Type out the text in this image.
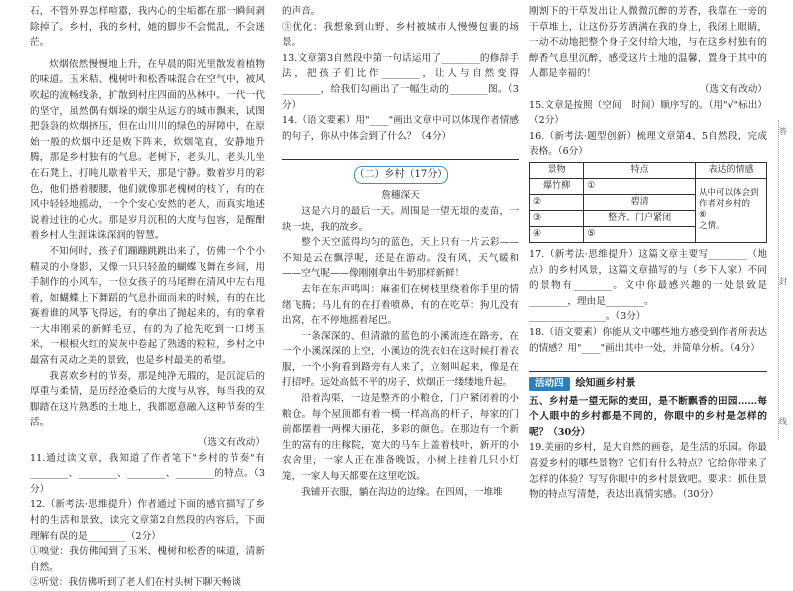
答
封
线

石，不管外界怎样喧嚣，我内心的尘垢都在那一瞬间剥除掉了。乡村，我的乡村，她的脚步不会慌乱，不会迷茫。

炊烟依然慢慢地上升，在早晨的阳光里散发着植物的味道。玉米秸、槐树叶和松香味混合在空气中，被风吹起的流畅线条，扩散到村庄四面的丛林中。一代一代的坚守，虽然偶有烟垛的烟尘从远方的城市飘来，试图把袅袅的炊烟挤压，但在山川川的绿色的屏障中，在原始一般的炊烟中还是败下阵来，炊烟笔直，安静地升腾，那是乡村独有的气息。老树下，老头儿、老头儿坐在石凳上，打盹儿歇着半天，那是宁静。数着岁月的彩色，他们搭着腰腰，他们就像那老槐树的枝丫，有的在风中轻轻地摇动，一个个安心安然的老人，而真实地述说着过往的心火。那是岁月沉积的大度与包容，是醒酣着乡村人生涯诛诛深润的智慧。

不知何时，孩子们蹦蹦跳跳出来了，仿佛一个个小精灵的小身影，又像一只只轻盈的蝴蝶飞舞在乡间，用手制作的小风车，一位女孩子的马尾辫在清风中左右甩着，如蝴蝶上下舞蹈的气息扑面而来的时候，有的在比赛着谁的风筝飞得远，有的拿出了抛起来的，有的拿着一大串刚采的新鲜毛豆，有的为了抢先吃到一口烤玉米，一根根火红的炭灰中卷起了熟透的粒粒，乡村之中最富有灵动之美的景致，也是乡村最美的希望。

我喜欢乡村的节奏，那是纯净无瑕的，是沉淀后的厚重与柔情，是历经沧桑后的大度与从容，每当我的双脚踏在这片熟悉的土地上，我都愿意融入这种节奏的生活。

（选文有改动）

11.通过读文章，我知道了作者笔下"乡村的节奏"有________、________、________、________的特点。（3分）

12.（新考法·思维提升）作者通过下面的感官描写了乡村的生活和景致，读完文章第2自然段的内容后，下面理解有误的是________（2分）

①嗅觉：我仿佛闻到了玉米、槐树和松香的味道，清新自然。

②听觉：我仿佛听到了老人们在村头树下聊天畅谈

的声音。

③优化：我想象到山野、乡村被城市人慢慢包裹的场景。

13.文章第3自然段中第一句话运用了________的修辞手法，把孩子们比作________，让人与自然变得________，给我们勾画出了一幅生动的________图。（3分）

14.（语文要素）用"____"画出文章中可以体现作者情感的句子，你从中体会到了什么？（4分）

（二）乡村（17分）

詹穗深天

这是六月的最后一天。周围是一望无垠的麦苗，一块一块，我的故乡。

整个天空蓝得均匀的蓝色，天上只有一片云彩——不知是云在飘浮呢，还是在游动。没有风，天气暖和——空气呢——像刚刚拿出牛奶那样新鲜！

去年在东声鸣叫：麻雀们在树枝里绕着你手里的情绪飞腾；马儿有的在打着喷鼻，有的在吃草：狗儿没有出窝，在不停地摇着尾巴。

一条深深的、但清澈的蓝色的小溪流连在路旁，在一个小溪深深的上空，小溪边的洗衣妇在这时候打着衣服，一个小狗看到路旁有人来了，立刻叫起来，像是在打招呼。远处高低不平的房子，炊烟正一缕缕地升起。

沿着沟渠，一边是整齐的小粮仓，门户紧闭着的小粮仓。每个屋顶都有着一模一样高高的杆子，每家的门前都摆着一两棵大丽花，多彩的颜色。在那边有一个新生的富有的庄稼院，宽大的马车上盖着枝叶，新开的小农舍里，一家人正在准备晚饭，小树上挂着几只小灯笼，一家人每天都要在这里吃饭。

我铺开衣服，躺在沟边的边缘。在四周，一堆堆

刚割下的干草发出让人微微沉醉的芳香，我靠在一旁的干草堆上，让这份芬芳洒满在我的身上，我闭上眼睛，一动不动地把整个身子交付给大地，与在这乡村独有的醇香气息里沉醉，感受这片土地的温馨，置身于其中的人都是幸福的！

（选文有改动）

15.文章是按照（空间　时间）顺序写的。（用"√"标出）（2分）

16.（新考法·题型创新）梳理文章第4、5自然段，完成表格。（6分）

景物	特点	表达的情感
爆竹柳	①	从中可以体会到作者对乡村的
⑥
之情。
②	碧清	
③	整齐、门户紧闭	
④	⑤	

17.（新考法·思维提升）这篇文章主要写________（地点）的乡村风景，这篇文章描写的与（乡下人家）不同的景物有________。文中你最感兴趣的一处景致是________，理由是________。

________________。（3分）

18.（语文要素）你能从文中哪些地方感受到作者所表达的情感？用"____"画出其中一处，并简单分析。（4分）

活动四 绘知画乡村景

五、乡村是一望无际的麦田，是不断飘香的田园……每个人眼中的乡村都是不同的，你眼中的乡村是怎样的呢？（30分）

19.美丽的乡村，是大自然的画卷，是生活的乐园。你最喜爱乡村的哪些景物？它们有什么特点？它给你带来了怎样的体验？写写你眼中的乡村景致吧。要求：抓住景物的特点写清楚，表达出真情实感。（30分）
